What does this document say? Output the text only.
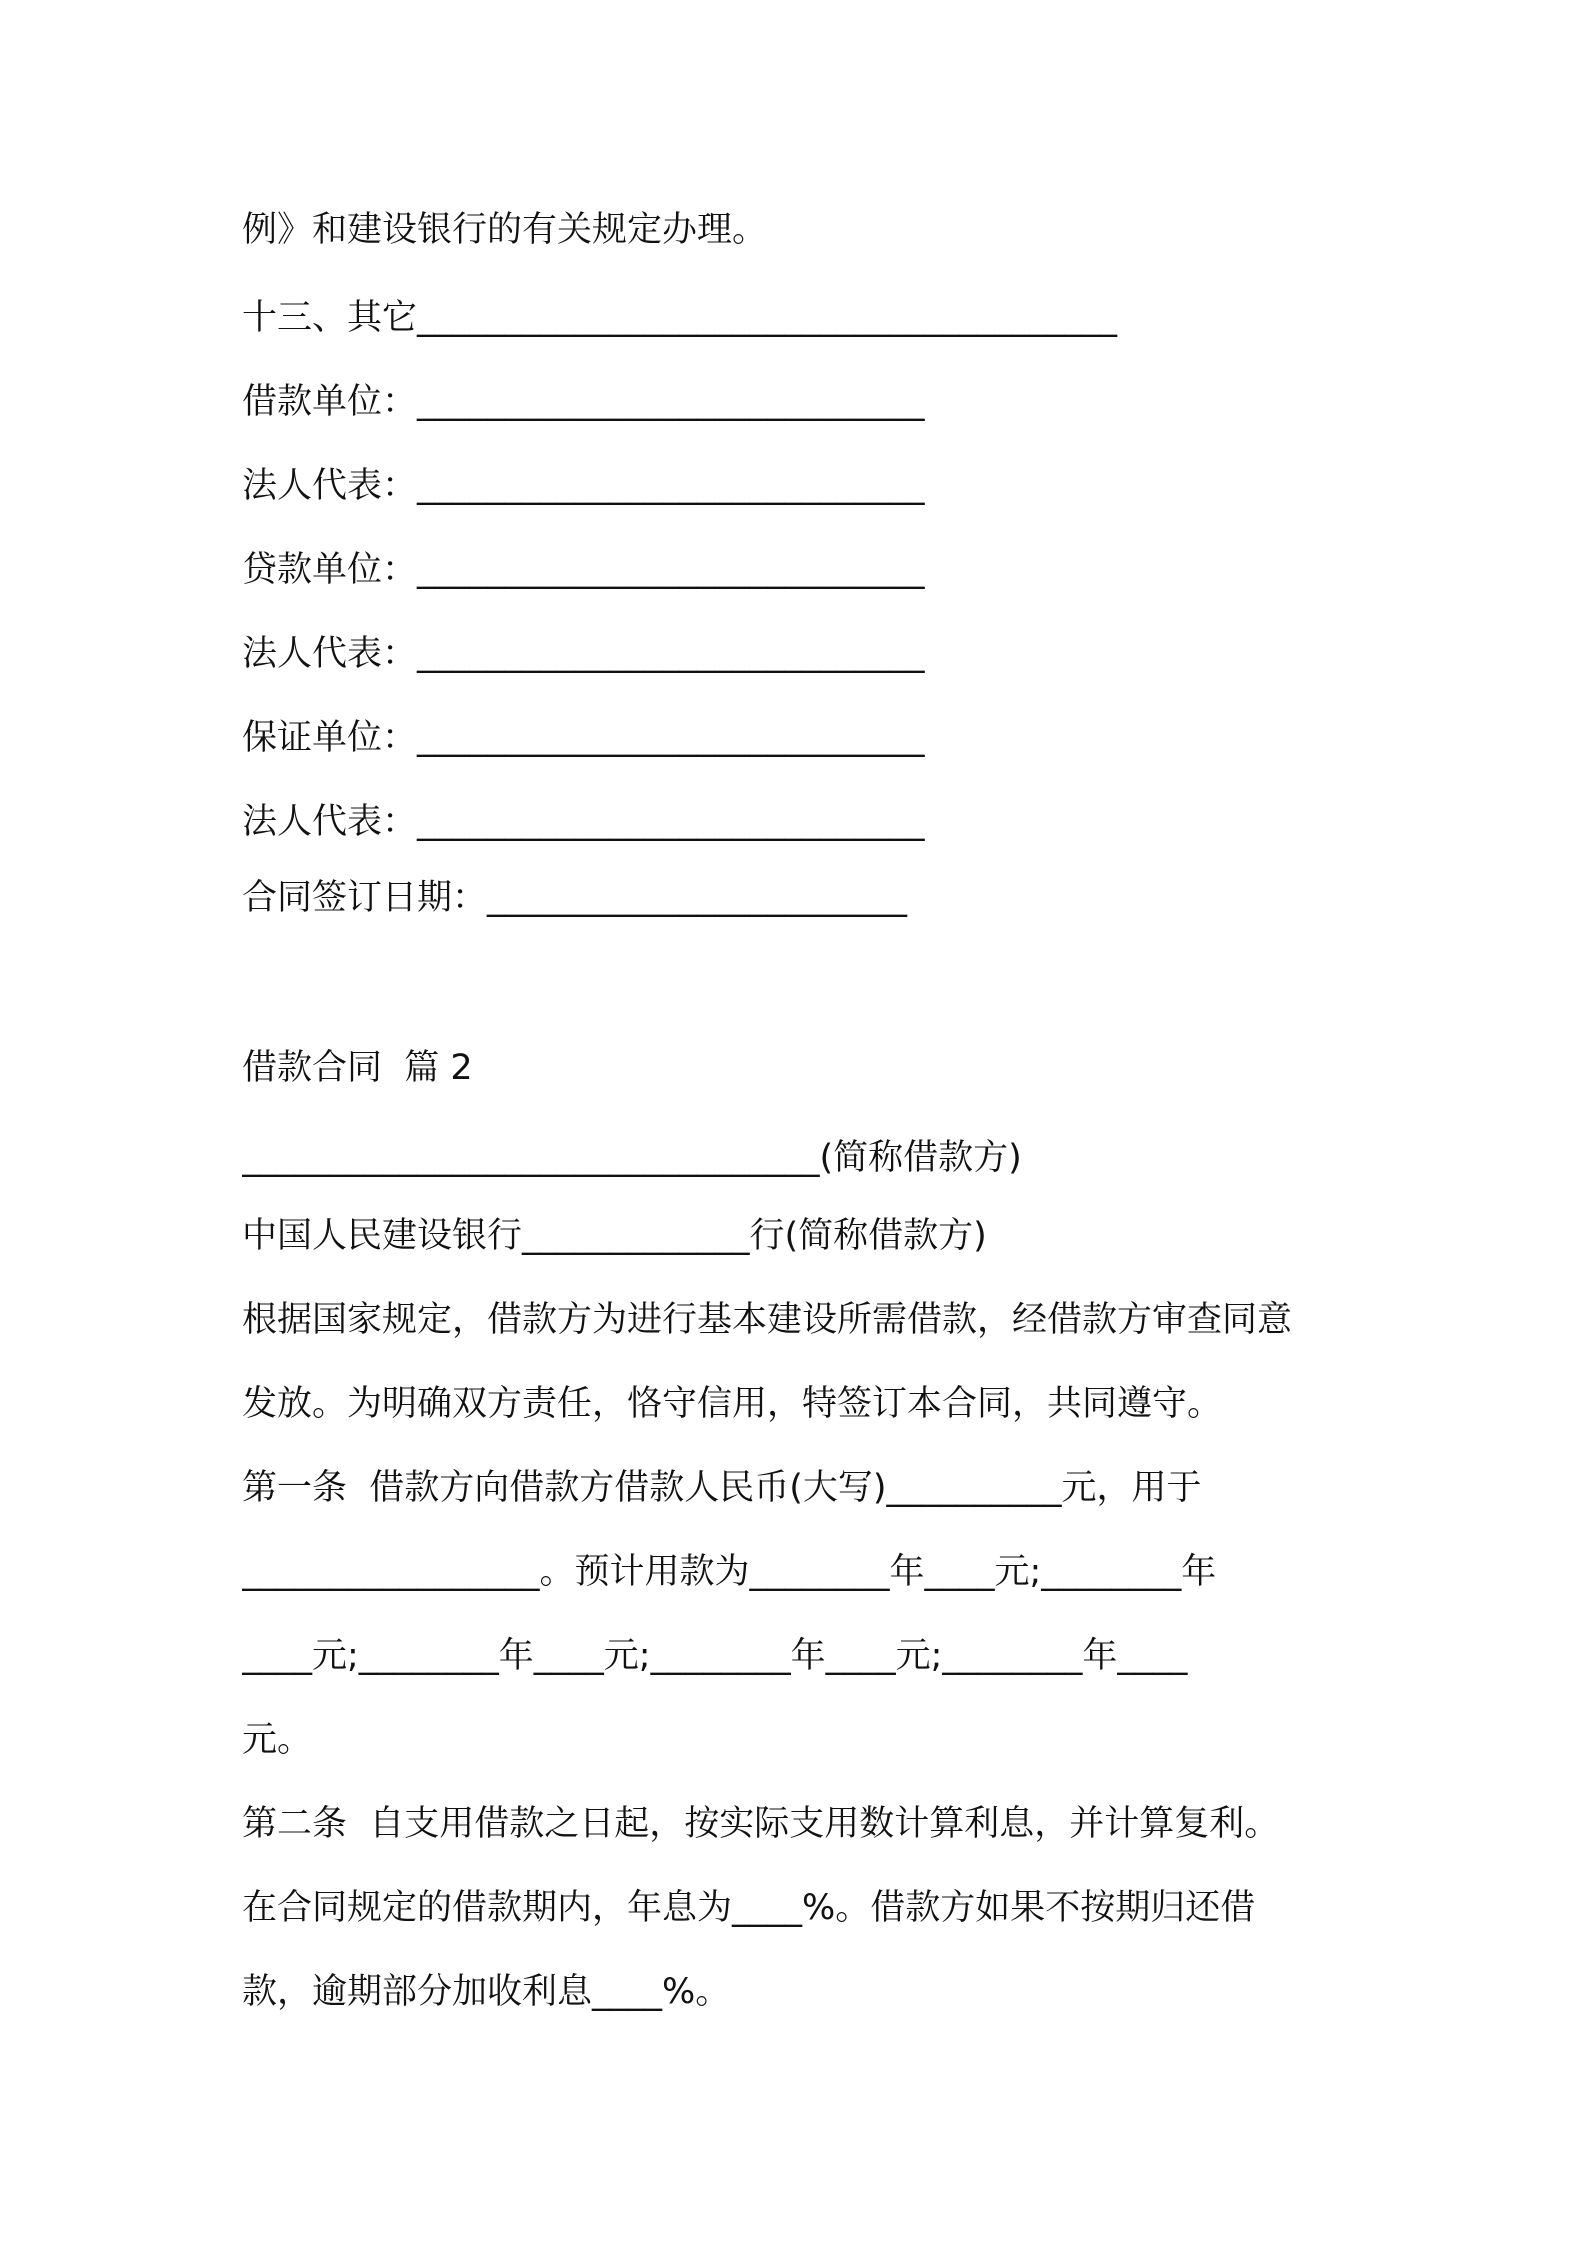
例》和建设银行的有关规定办理。
十三、其它________________________________________
借款单位：_____________________________
法人代表：_____________________________
贷款单位：_____________________________
法人代表：_____________________________
保证单位：_____________________________
法人代表：_____________________________
合同签订日期：________________________
借款合同  篇 2
_________________________________(简称借款方)
中国人民建设银行_____________行(简称借款方)
根据国家规定，借款方为进行基本建设所需借款，经借款方审查同意
发放。为明确双方责任，恪守信用，特签订本合同，共同遵守。
第一条  借款方向借款方借款人民币(大写)__________元，用于
_________________。预计用款为________年____元;________年
____元;________年____元;________年____元;________年____
元。
第二条  自支用借款之日起，按实际支用数计算利息，并计算复利。
在合同规定的借款期内，年息为____%。借款方如果不按期归还借
款，逾期部分加收利息____%。
